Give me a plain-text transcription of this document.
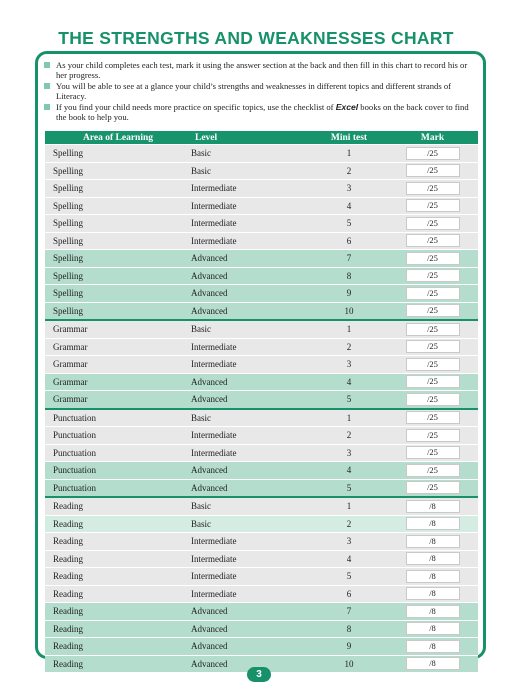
THE STRENGTHS AND WEAKNESSES CHART
As your child completes each test, mark it using the answer section at the back and then fill in this chart to record his or her progress.
You will be able to see at a glance your child’s strengths and weaknesses in different topics and different strands of Literacy.
If you find your child needs more practice on specific topics, use the checklist of Excel books on the back cover to find the book to help you.
Area of Learning	Level	Mini test	Mark
Spelling	Basic	1	/25
Spelling	Basic	2	/25
Spelling	Intermediate	3	/25
Spelling	Intermediate	4	/25
Spelling	Intermediate	5	/25
Spelling	Intermediate	6	/25
Spelling	Advanced	7	/25
Spelling	Advanced	8	/25
Spelling	Advanced	9	/25
Spelling	Advanced	10	/25
Grammar	Basic	1	/25
Grammar	Intermediate	2	/25
Grammar	Intermediate	3	/25
Grammar	Advanced	4	/25
Grammar	Advanced	5	/25
Punctuation	Basic	1	/25
Punctuation	Intermediate	2	/25
Punctuation	Intermediate	3	/25
Punctuation	Advanced	4	/25
Punctuation	Advanced	5	/25
Reading	Basic	1	/8
Reading	Basic	2	/8
Reading	Intermediate	3	/8
Reading	Intermediate	4	/8
Reading	Intermediate	5	/8
Reading	Intermediate	6	/8
Reading	Advanced	7	/8
Reading	Advanced	8	/8
Reading	Advanced	9	/8
Reading	Advanced	10	/8
3
